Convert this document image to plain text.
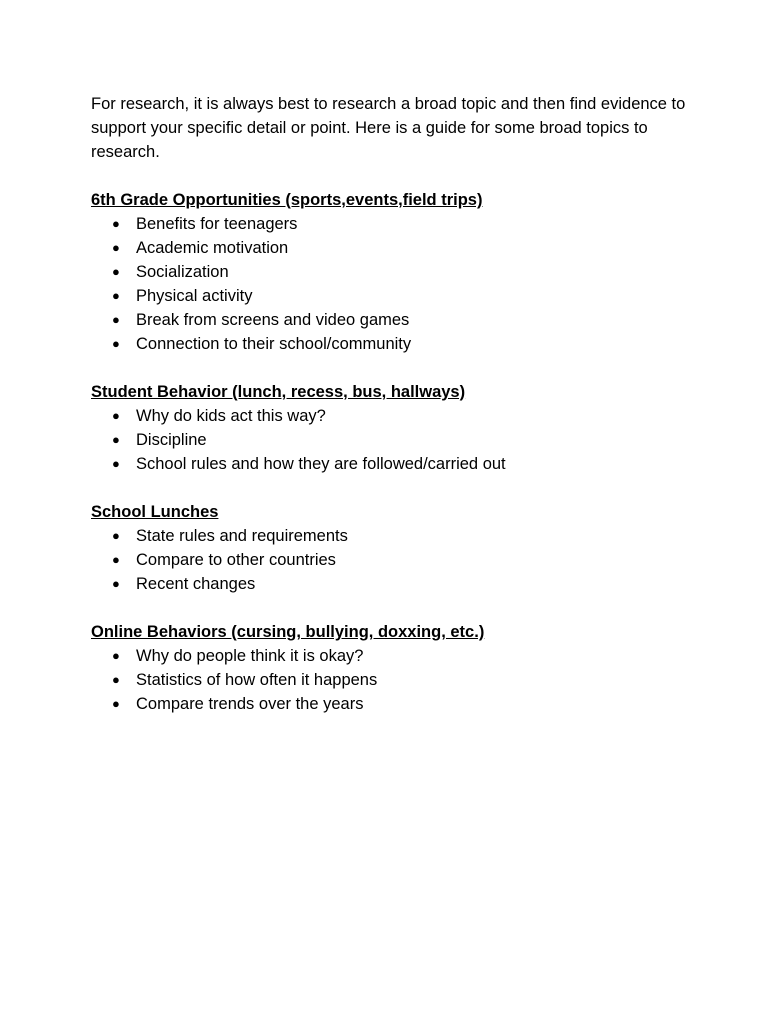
For research, it is always best to research a broad topic and then find evidence to support your specific detail or point. Here is a guide for some broad topics to research.

6th Grade Opportunities (sports,events,field trips)

● Benefits for teenagers
● Academic motivation
● Socialization
● Physical activity
● Break from screens and video games
● Connection to their school/community

Student Behavior (lunch, recess, bus, hallways)

● Why do kids act this way?
● Discipline
● School rules and how they are followed/carried out

School Lunches

● State rules and requirements
● Compare to other countries
● Recent changes

Online Behaviors (cursing, bullying, doxxing, etc.)

● Why do people think it is okay?
● Statistics of how often it happens
● Compare trends over the years
